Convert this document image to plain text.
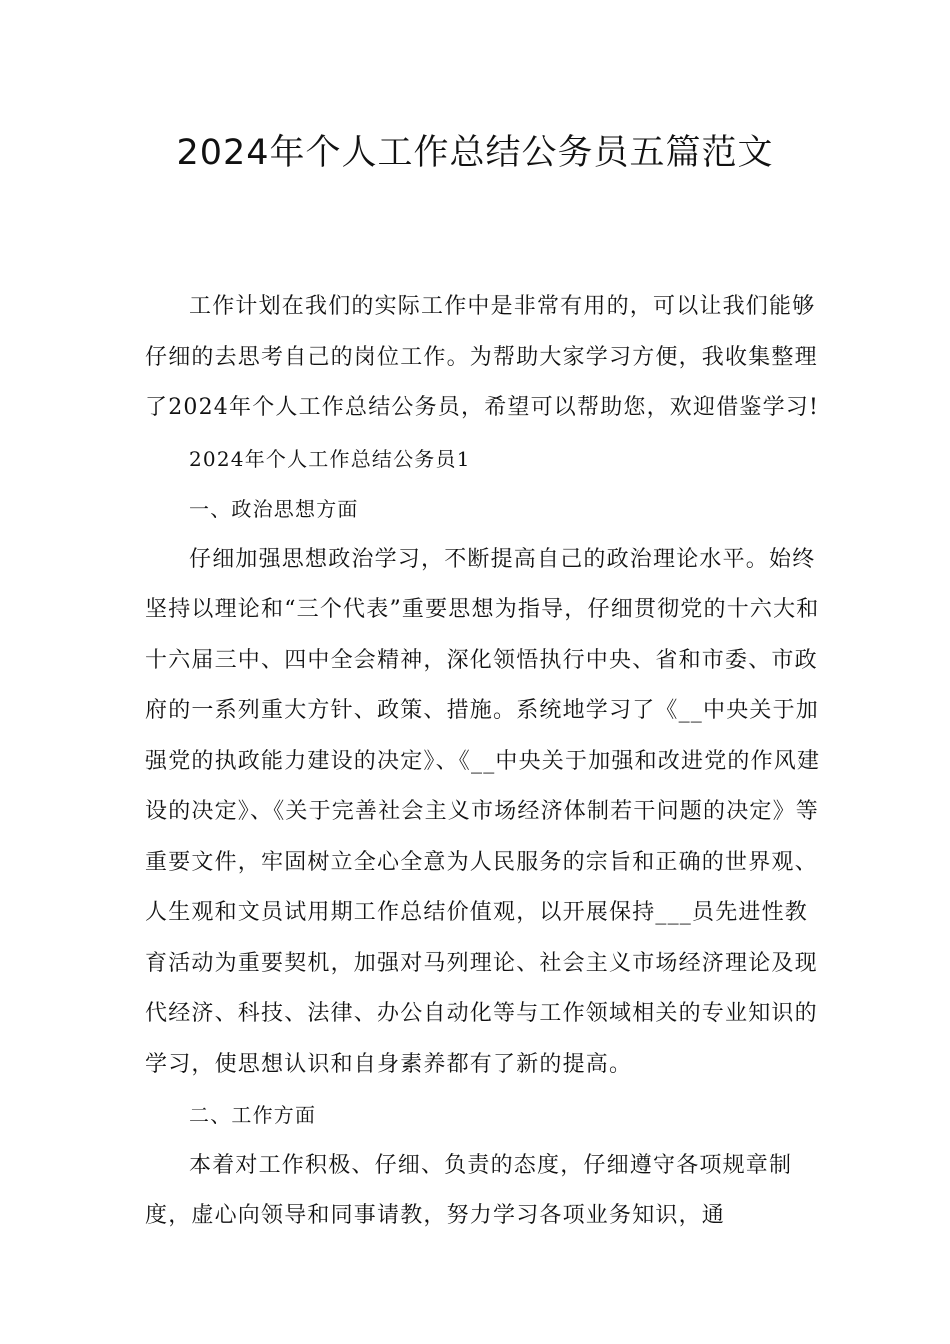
2024年个人工作总结公务员五篇范文

工作计划在我们的实际工作中是非常有用的，可以让我们能够仔细的去思考自己的岗位工作。为帮助大家学习方便，我收集整理了2024年个人工作总结公务员，希望可以帮助您，欢迎借鉴学习!

2024年个人工作总结公务员1

一、政治思想方面

仔细加强思想政治学习，不断提高自己的政治理论水平。始终坚持以理论和“三个代表”重要思想为指导，仔细贯彻党的十六大和十六届三中、四中全会精神，深化领悟执行中央、省和市委、市政府的一系列重大方针、政策、措施。系统地学习了《__中央关于加强党的执政能力建设的决定》、《__中央关于加强和改进党的作风建设的决定》、《关于完善社会主义市场经济体制若干问题的决定》等重要文件，牢固树立全心全意为人民服务的宗旨和正确的世界观、人生观和文员试用期工作总结价值观，以开展保持___员先进性教育活动为重要契机，加强对马列理论、社会主义市场经济理论及现代经济、科技、法律、办公自动化等与工作领域相关的专业知识的学习，使思想认识和自身素养都有了新的提高。

二、工作方面

本着对工作积极、仔细、负责的态度，仔细遵守各项规章制度，虚心向领导和同事请教，努力学习各项业务知识，通
